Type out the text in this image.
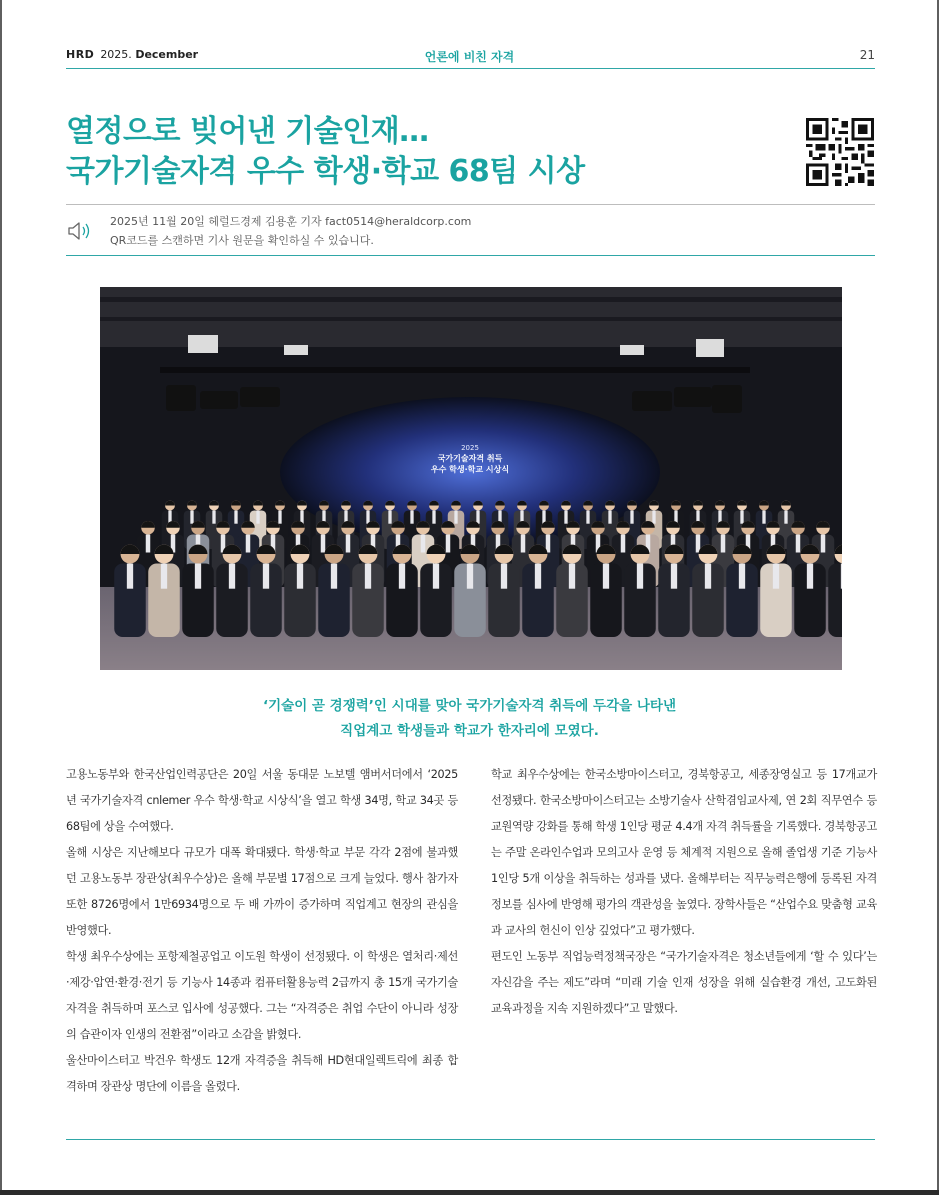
HRD 2025. December	언론에 비친 자격	21
열정으로 빚어낸 기술인재…
국가기술자격 우수 학생·학교 68팀 시상
2025년 11월 20일 헤럴드경제 김용훈 기자 fact0514@heraldcorp.com
QR코드를 스캔하면 기사 원문을 확인하실 수 있습니다.
2025
국가기술자격 취득
우수 학생·학교 시상식
‘기술이 곧 경쟁력’인 시대를 맞아 국가기술자격 취득에 두각을 나타낸
직업계고 학생들과 학교가 한자리에 모였다.

고용노동부와 한국산업인력공단은 20일 서울 동대문 노보텔 앰버서더에서 ‘2025년 국가기술자격 cnlemer 우수 학생·학교 시상식’을 열고 학생 34명, 학교 34곳 등 68팀에 상을 수여했다.

올해 시상은 지난해보다 규모가 대폭 확대됐다. 학생·학교 부문 각각 2점에 불과했던 고용노동부 장관상(최우수상)은 올해 부문별 17점으로 크게 늘었다. 행사 참가자 또한 8726명에서 1만6934명으로 두 배 가까이 증가하며 직업계고 현장의 관심을 반영했다.

학생 최우수상에는 포항제철공업고 이도원 학생이 선정됐다. 이 학생은 열처리·제선·제강·압연·환경·전기 등 기능사 14종과 컴퓨터활용능력 2급까지 총 15개 국가기술자격을 취득하며 포스코 입사에 성공했다. 그는 “자격증은 취업 수단이 아니라 성장의 습관이자 인생의 전환점”이라고 소감을 밝혔다.

울산마이스터고 박건우 학생도 12개 자격증을 취득해 HD현대일렉트릭에 최종 합격하며 장관상 명단에 이름을 올렸다.

학교 최우수상에는 한국소방마이스터고, 경북항공고, 세종장영실고 등 17개교가 선정됐다. 한국소방마이스터고는 소방기술사 산학겸임교사제, 연 2회 직무연수 등 교원역량 강화를 통해 학생 1인당 평균 4.4개 자격 취득률을 기록했다. 경북항공고는 주말 온라인수업과 모의고사 운영 등 체계적 지원으로 올해 졸업생 기준 기능사 1인당 5개 이상을 취득하는 성과를 냈다. 올해부터는 직무능력은행에 등록된 자격 정보를 심사에 반영해 평가의 객관성을 높였다. 장학사들은 “산업수요 맞춤형 교육과 교사의 헌신이 인상 깊었다”고 평가했다.

편도인 노동부 직업능력정책국장은 “국가기술자격은 청소년들에게 ‘할 수 있다’는 자신감을 주는 제도”라며 “미래 기술 인재 성장을 위해 실습환경 개선, 고도화된 교육과정을 지속 지원하겠다”고 말했다.
